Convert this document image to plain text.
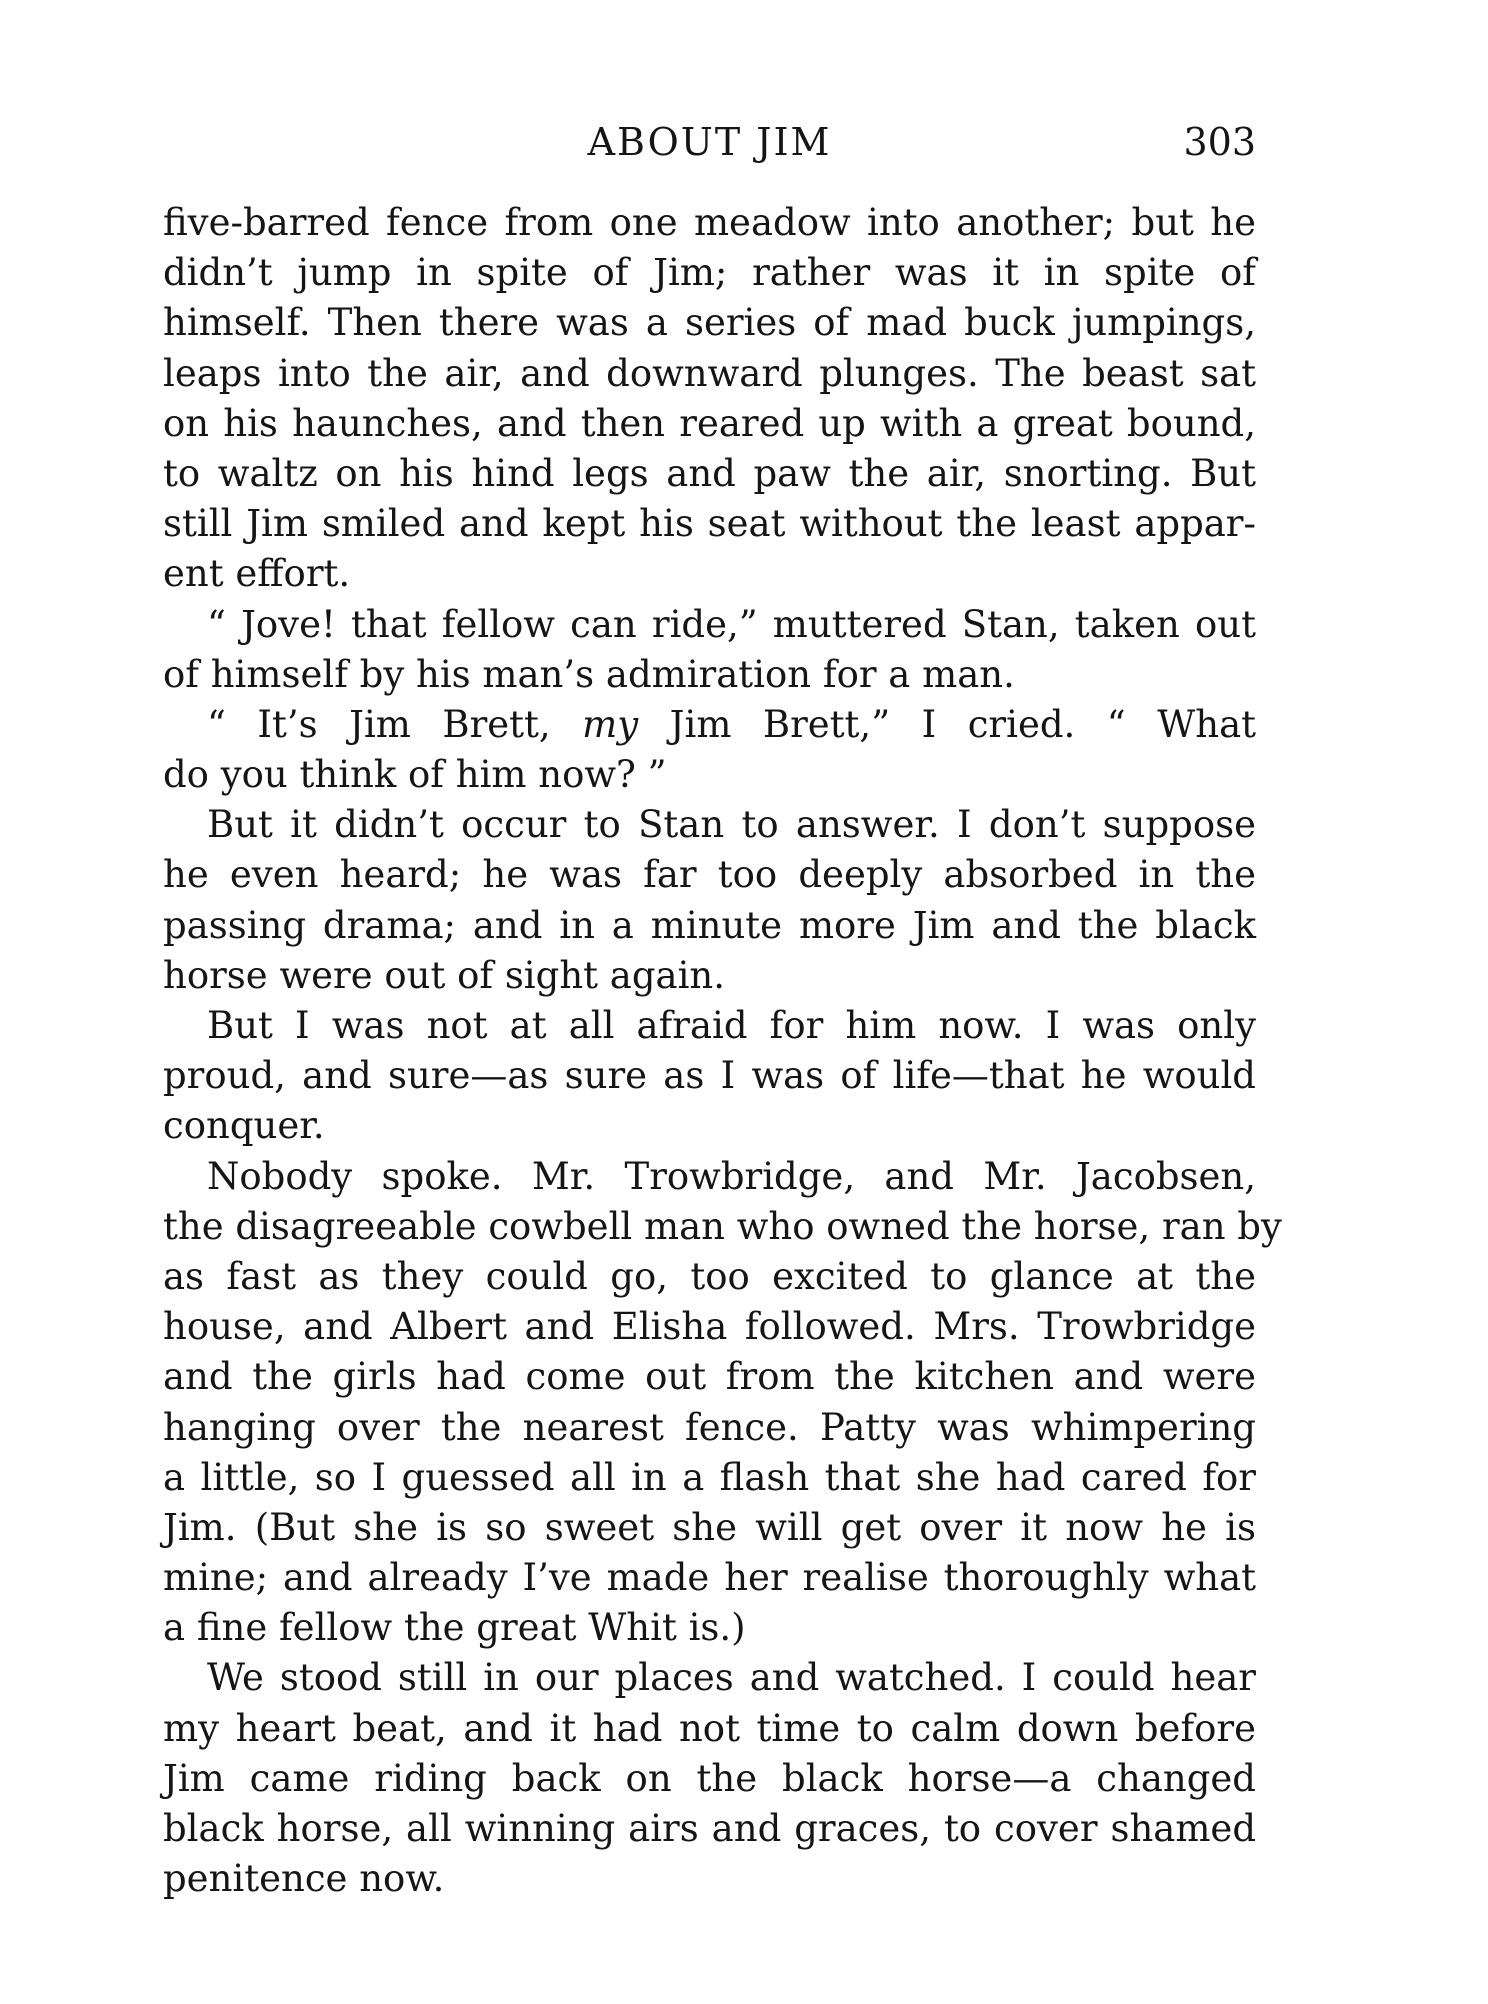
ABOUT JIM	303
five-barred fence from one meadow into another; but he
didn’t jump in spite of Jim; rather was it in spite of
himself. Then there was a series of mad buck jumpings,
leaps into the air, and downward plunges. The beast sat
on his haunches, and then reared up with a great bound,
to waltz on his hind legs and paw the air, snorting. But
still Jim smiled and kept his seat without the least appar-
ent effort.
“ Jove! that fellow can ride,” muttered Stan, taken out
of himself by his man’s admiration for a man.
“ It’s Jim Brett, my Jim Brett,” I cried. “ What
do you think of him now? ”
But it didn’t occur to Stan to answer. I don’t suppose
he even heard; he was far too deeply absorbed in the
passing drama; and in a minute more Jim and the black
horse were out of sight again.
But I was not at all afraid for him now. I was only
proud, and sure—as sure as I was of life—that he would
conquer.
Nobody spoke. Mr. Trowbridge, and Mr. Jacobsen,
the disagreeable cowbell man who owned the horse, ran by
as fast as they could go, too excited to glance at the
house, and Albert and Elisha followed. Mrs. Trowbridge
and the girls had come out from the kitchen and were
hanging over the nearest fence. Patty was whimpering
a little, so I guessed all in a flash that she had cared for
Jim. (But she is so sweet she will get over it now he is
mine; and already I’ve made her realise thoroughly what
a fine fellow the great Whit is.)
We stood still in our places and watched. I could hear
my heart beat, and it had not time to calm down before
Jim came riding back on the black horse—a changed
black horse, all winning airs and graces, to cover shamed
penitence now.
